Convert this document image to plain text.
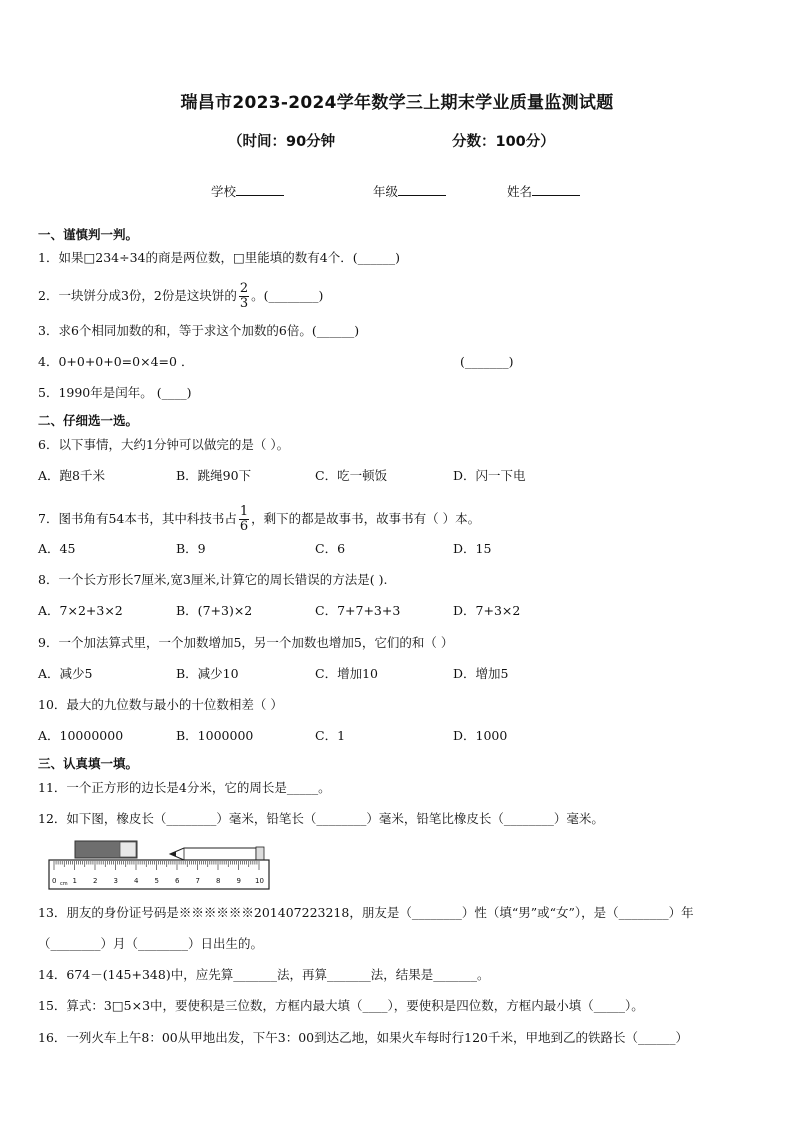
瑞昌市2023-2024学年数学三上期末学业质量监测试题
（时间：90分钟	分数：100分）
学校	年级	姓名
一、谨慎判一判。
1．如果□234÷34的商是两位数，□里能填的数有4个．(______)
2．一块饼分成3份，2份是这块饼的 $\frac{2}{3}$ 。(________)
3．求6个相同加数的和，等于求这个加数的6倍。(______)
4．0+0+0+0=0×4=0 ．	(_______)
5．1990年是闰年。 (____)
二、仔细选一选。
6．以下事情，大约1分钟可以做完的是（ ）。
A．跑8千米	B．跳绳90下	C．吃一顿饭	D．闪一下电
7．图书角有54本书，其中科技书占 $\frac{1}{6}$ ，剩下的都是故事书，故事书有（ ）本。
A．45	B．9	C．6	D．15
8．一个长方形长7厘米,宽3厘米,计算它的周长错误的方法是( ).
A．7×2+3×2	B．(7+3)×2	C．7+7+3+3	D．7+3×2
9．一个加法算式里，一个加数增加5，另一个加数也增加5，它们的和（ ）
A．减少5	B．减少10	C．增加10	D．增加5
10．最大的九位数与最小的十位数相差（ ）
A．10000000	B．1000000	C．1	D．1000
三、认真填一填。
11．一个正方形的边长是4分米，它的周长是_____。
12．如下图，橡皮长（________）毫米，铅笔长（________）毫米，铅笔比橡皮长（________）毫米。
0 1 2 3 4 5 6 7 8 9 10
cm
13．朋友的身份证号码是※※※※※※201407223218，朋友是（________）性（填“男”或“女”），是（________）年
（________）月（________）日出生的。
14．674－(145+348)中，应先算_______法，再算_______法，结果是_______。
15．算式：3□5×3中，要使积是三位数，方框内最大填（____），要使积是四位数，方框内最小填（_____）。
16．一列火车上午8：00从甲地出发，下午3：00到达乙地，如果火车每时行120千米，甲地到乙的铁路长（______）
